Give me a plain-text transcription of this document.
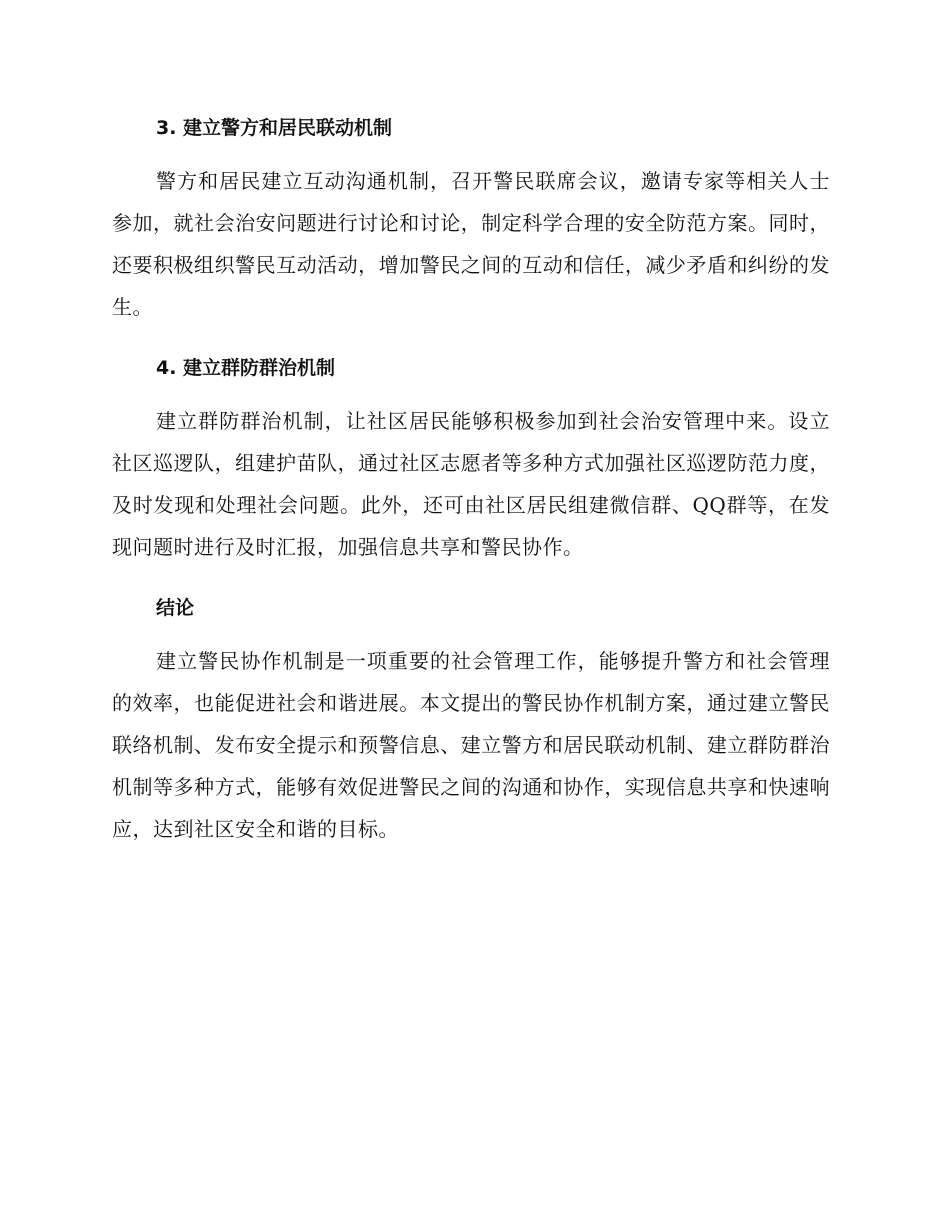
3. 建立警方和居民联动机制

警方和居民建立互动沟通机制，召开警民联席会议，邀请专家等相关人士参加，就社会治安问题进行讨论和讨论，制定科学合理的安全防范方案。同时，还要积极组织警民互动活动，增加警民之间的互动和信任，减少矛盾和纠纷的发生。

4. 建立群防群治机制

建立群防群治机制，让社区居民能够积极参加到社会治安管理中来。设立社区巡逻队，组建护苗队，通过社区志愿者等多种方式加强社区巡逻防范力度，及时发现和处理社会问题。此外，还可由社区居民组建微信群、QQ群等，在发现问题时进行及时汇报，加强信息共享和警民协作。

结论

建立警民协作机制是一项重要的社会管理工作，能够提升警方和社会管理的效率，也能促进社会和谐进展。本文提出的警民协作机制方案，通过建立警民联络机制、发布安全提示和预警信息、建立警方和居民联动机制、建立群防群治机制等多种方式，能够有效促进警民之间的沟通和协作，实现信息共享和快速响应，达到社区安全和谐的目标。
